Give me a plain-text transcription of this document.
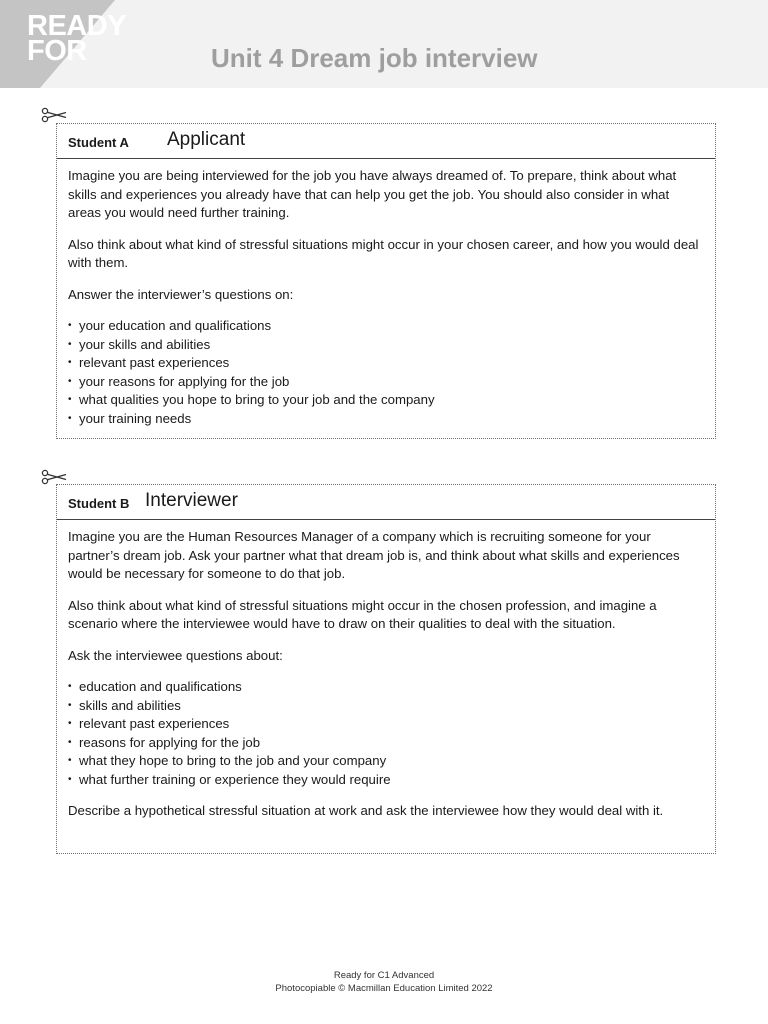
READY
FOR	Unit 4 Dream job interview
Student A Applicant

Imagine you are being interviewed for the job you have always dreamed of. To prepare, think about what skills and experiences you already have that can help you get the job. You should also consider in what areas you would need further training.

Also think about what kind of stressful situations might occur in your chosen career, and how you would deal with them.

Answer the interviewer’s questions on:

• your education and qualifications
• your skills and abilities
• relevant past experiences
• your reasons for applying for the job
• what qualities you hope to bring to your job and the company
• your training needs
Student B Interviewer

Imagine you are the Human Resources Manager of a company which is recruiting someone for your partner’s dream job. Ask your partner what that dream job is, and think about what skills and experiences would be necessary for someone to do that job.

Also think about what kind of stressful situations might occur in the chosen profession, and imagine a scenario where the interviewee would have to draw on their qualities to deal with the situation.

Ask the interviewee questions about:

• education and qualifications
• skills and abilities
• relevant past experiences
• reasons for applying for the job
• what they hope to bring to the job and your company
• what further training or experience they would require

Describe a hypothetical stressful situation at work and ask the interviewee how they would deal with it.

Ready for C1 Advanced
Photocopiable © Macmillan Education Limited 2022
